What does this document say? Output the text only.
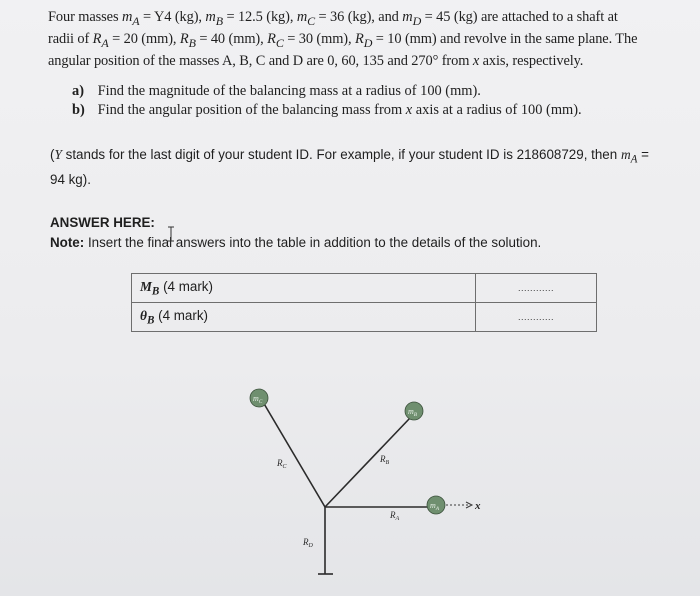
Four masses $m_A = Y4$ (kg), $m_B = 12.5$ (kg), $m_C = 36$ (kg), and $m_D = 45$ (kg) are attached to a shaft at
radii of $R_A = 20$ (mm), $R_B = 40$ (mm), $R_C = 30$ (mm), $R_D = 10$ (mm) and revolve in the same plane. The
angular position of the masses A, B, C and D are 0, 60, 135 and 270° from x axis, respectively.
a) Find the magnitude of the balancing mass at a radius of 100 (mm).
b) Find the angular position of the balancing mass from x axis at a radius of 100 (mm).
(Y stands for the last digit of your student ID. For example, if your student ID is 218608729, then $m_A$ =
94 kg).
ANSWER HERE:
Note: Insert the final answers into the table in addition to the details of the solution.
$M_B$ (4 mark)	............
$\theta_B$ (4 mark)	............
$m_C$
$m_B$
$m_A$
$R_C$
$R_B$
$R_A$
$R_D$
x
